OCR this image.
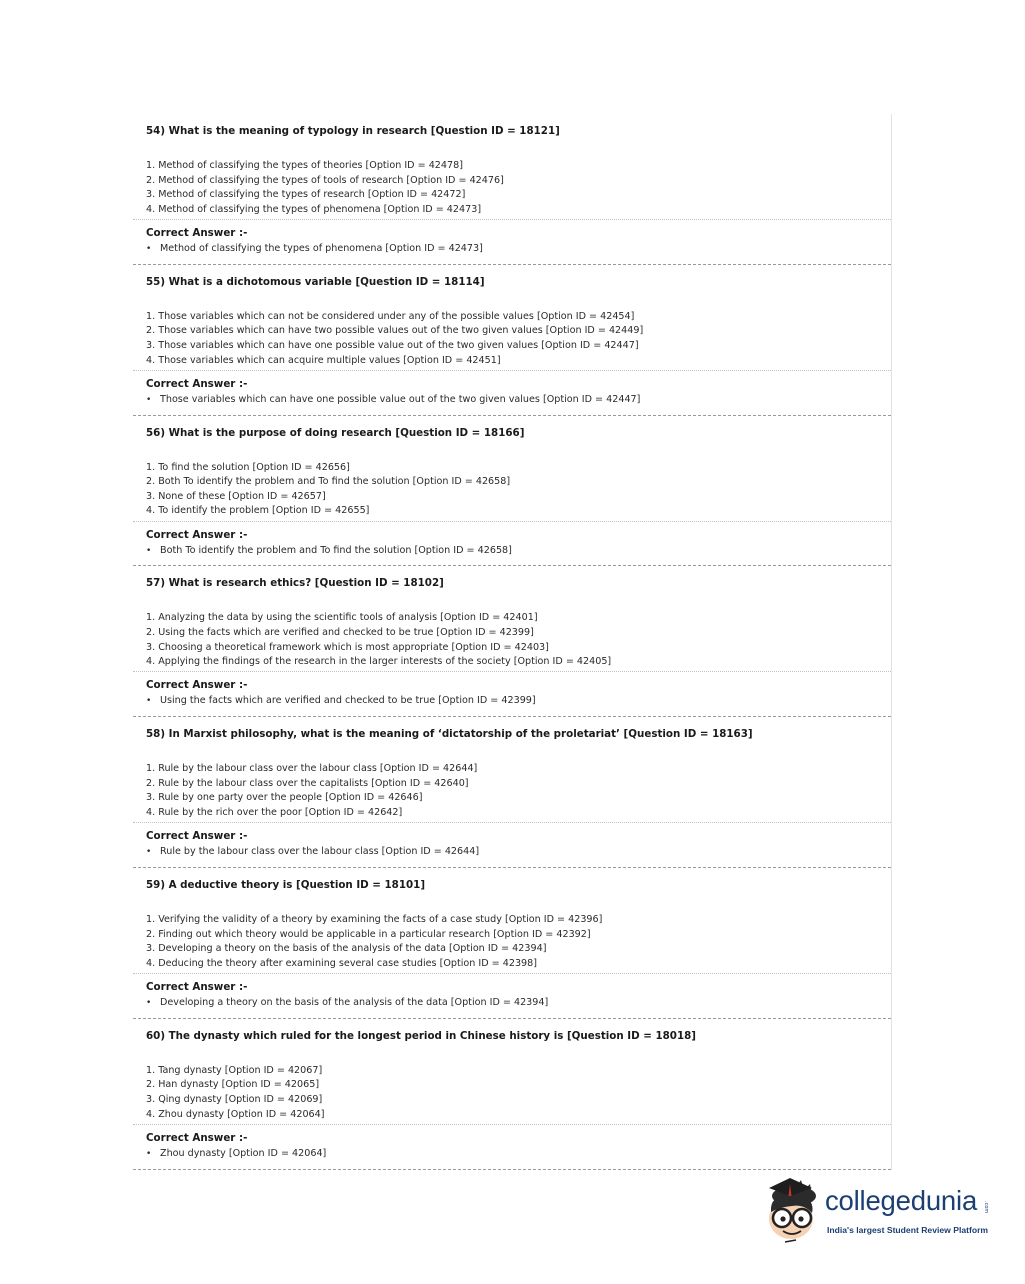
54) What is the meaning of typology in research [Question ID = 18121]
1. Method of classifying the types of theories [Option ID = 42478]
2. Method of classifying the types of tools of research [Option ID = 42476]
3. Method of classifying the types of research [Option ID = 42472]
4. Method of classifying the types of phenomena [Option ID = 42473]
Correct Answer :-
• Method of classifying the types of phenomena [Option ID = 42473]
55) What is a dichotomous variable [Question ID = 18114]
1. Those variables which can not be considered under any of the possible values [Option ID = 42454]
2. Those variables which can have two possible values out of the two given values [Option ID = 42449]
3. Those variables which can have one possible value out of the two given values [Option ID = 42447]
4. Those variables which can acquire multiple values [Option ID = 42451]
Correct Answer :-
• Those variables which can have one possible value out of the two given values [Option ID = 42447]
56) What is the purpose of doing research [Question ID = 18166]
1. To find the solution [Option ID = 42656]
2. Both To identify the problem and To find the solution [Option ID = 42658]
3. None of these [Option ID = 42657]
4. To identify the problem [Option ID = 42655]
Correct Answer :-
• Both To identify the problem and To find the solution [Option ID = 42658]
57) What is research ethics? [Question ID = 18102]
1. Analyzing the data by using the scientific tools of analysis [Option ID = 42401]
2. Using the facts which are verified and checked to be true [Option ID = 42399]
3. Choosing a theoretical framework which is most appropriate [Option ID = 42403]
4. Applying the findings of the research in the larger interests of the society [Option ID = 42405]
Correct Answer :-
• Using the facts which are verified and checked to be true [Option ID = 42399]
58) In Marxist philosophy, what is the meaning of ‘dictatorship of the proletariat’ [Question ID = 18163]
1. Rule by the labour class over the labour class [Option ID = 42644]
2. Rule by the labour class over the capitalists [Option ID = 42640]
3. Rule by one party over the people [Option ID = 42646]
4. Rule by the rich over the poor [Option ID = 42642]
Correct Answer :-
• Rule by the labour class over the labour class [Option ID = 42644]
59) A deductive theory is [Question ID = 18101]
1. Verifying the validity of a theory by examining the facts of a case study [Option ID = 42396]
2. Finding out which theory would be applicable in a particular research [Option ID = 42392]
3. Developing a theory on the basis of the analysis of the data [Option ID = 42394]
4. Deducing the theory after examining several case studies [Option ID = 42398]
Correct Answer :-
• Developing a theory on the basis of the analysis of the data [Option ID = 42394]
60) The dynasty which ruled for the longest period in Chinese history is [Question ID = 18018]
1. Tang dynasty [Option ID = 42067]
2. Han dynasty [Option ID = 42065]
3. Qing dynasty [Option ID = 42069]
4. Zhou dynasty [Option ID = 42064]
Correct Answer :-
• Zhou dynasty [Option ID = 42064]
collegedunia .com
India's largest Student Review Platform
